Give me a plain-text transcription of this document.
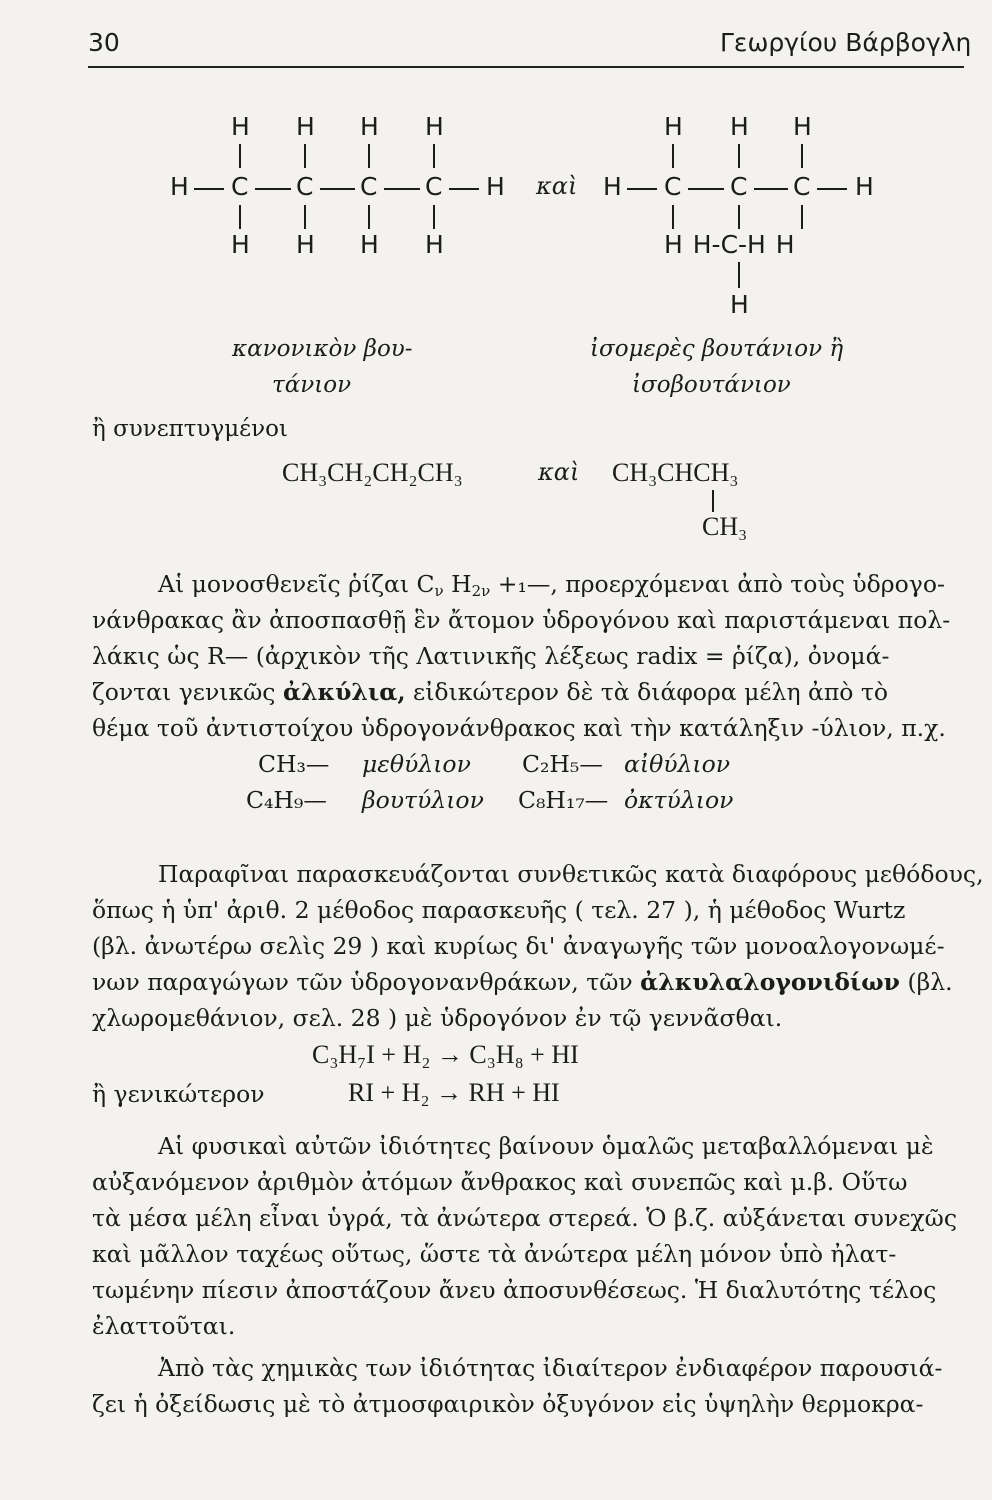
30	Γεωργίου Βάρβογλη
H H H H
H C C C C H
H H H H
καὶ
H H H
H C C C H
H H-C-H H
H
κανονικὸν βου-
τάνιον
ἰσομερὲς βουτάνιον ἢ
ἰσοβουτάνιον
ἢ συνεπτυγμένοι
CH₃CH₂CH₂CH₃	καὶ CH₃CHCH₃
CH₃
Αἱ μονοσθενεῖς ῥίζαι $C_\nu$ $H_{2\nu}$ +₁—, προερχόμεναι ἀπὸ τοὺς ὑδρογο-
νάνθρακας ἂν ἀποσπασθῇ ἓν ἄτομον ὑδρογόνου καὶ παριστάμεναι πολ-
λάκις ὡς R— (ἀρχικὸν τῆς Λατινικῆς λέξεως radix = ῥίζα), ὀνομά-
ζονται γενικῶς ἀλκύλια, εἰδικώτερον δὲ τὰ διάφορα μέλη ἀπὸ τὸ
θέμα τοῦ ἀντιστοίχου ὑδρογονάνθρακος καὶ τὴν κατάληξιν -ύλιον, π.χ.
CH₃— μεθύλιον C₂H₅— αἰθύλιον
C₄H₉— βουτύλιον C₈H₁₇— ὀκτύλιον
Παραφῖναι παρασκευάζονται συνθετικῶς κατὰ διαφόρους μεθόδους,
ὅπως ἡ ὑπ' ἀριθ. 2 μέθοδος παρασκευῆς ( τελ. 27 ), ἡ μέθοδος Wurtz
(βλ. ἀνωτέρω σελὶς 29 ) καὶ κυρίως δι' ἀναγωγῆς τῶν μονοαλογονωμέ-
νων παραγώγων τῶν ὑδρογονανθράκων, τῶν ἀλκυλαλογονιδίων (βλ.
χλωρομεθάνιον, σελ. 28 ) μὲ ὑδρογόνον ἐν τῷ γεννᾶσθαι.
C₃H₇I + H₂ → C₃H₈ + HI
ἢ γενικώτερον	RI + H₂ → RH + HI
Αἱ φυσικαὶ αὐτῶν ἰδιότητες βαίνουν ὁμαλῶς μεταβαλλόμεναι μὲ
αὐξανόμενον ἀριθμὸν ἀτόμων ἄνθρακος καὶ συνεπῶς καὶ μ.β. Οὕτω
τὰ μέσα μέλη εἶναι ὑγρά, τὰ ἀνώτερα στερεά. Ὁ β.ζ. αὐξάνεται συνεχῶς
καὶ μᾶλλον ταχέως οὕτως, ὥστε τὰ ἀνώτερα μέλη μόνον ὑπὸ ἠλατ-
τωμένην πίεσιν ἀποστάζουν ἄνευ ἀποσυνθέσεως. Ἡ διαλυτότης τέλος
ἐλαττοῦται.
Ἀπὸ τὰς χημικὰς των ἰδιότητας ἰδιαίτερον ἐνδιαφέρον παρουσιά-
ζει ἡ ὀξείδωσις μὲ τὸ ἀτμοσφαιρικὸν ὀξυγόνον εἰς ὑψηλὴν θερμοκρα-
